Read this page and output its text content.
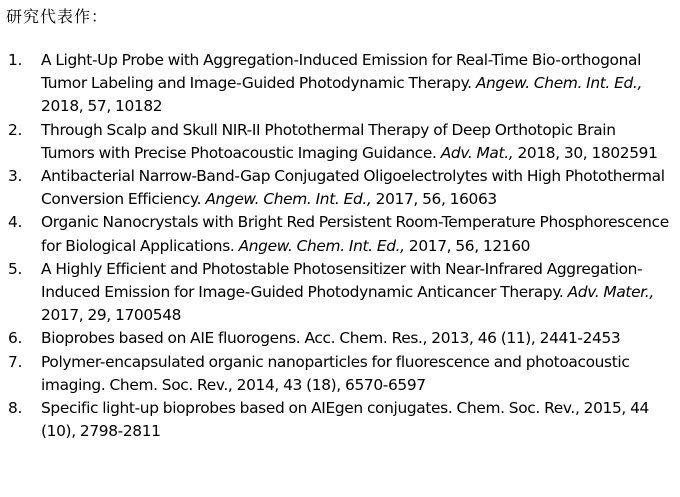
研究代表作：
1.	A Light-Up Probe with Aggregation-Induced Emission for Real-Time Bio-orthogonal Tumor Labeling and Image-Guided Photodynamic Therapy. Angew. Chem. Int. Ed., 2018, 57, 10182
2.	Through Scalp and Skull NIR-II Photothermal Therapy of Deep Orthotopic Brain Tumors with Precise Photoacoustic Imaging Guidance. Adv. Mat., 2018, 30, 1802591
3.	Antibacterial Narrow-Band-Gap Conjugated Oligoelectrolytes with High Photothermal Conversion Efficiency. Angew. Chem. Int. Ed., 2017, 56, 16063
4.	Organic Nanocrystals with Bright Red Persistent Room-Temperature Phosphorescence for Biological Applications. Angew. Chem. Int. Ed., 2017, 56, 12160
5.	A Highly Efficient and Photostable Photosensitizer with Near-Infrared Aggregation-Induced Emission for Image-Guided Photodynamic Anticancer Therapy. Adv. Mater., 2017, 29, 1700548
6.	Bioprobes based on AIE fluorogens. Acc. Chem. Res., 2013, 46 (11), 2441-2453
7.	Polymer-encapsulated organic nanoparticles for fluorescence and photoacoustic imaging. Chem. Soc. Rev., 2014, 43 (18), 6570-6597
8.	Specific light-up bioprobes based on AIEgen conjugates. Chem. Soc. Rev., 2015, 44 (10), 2798-2811
